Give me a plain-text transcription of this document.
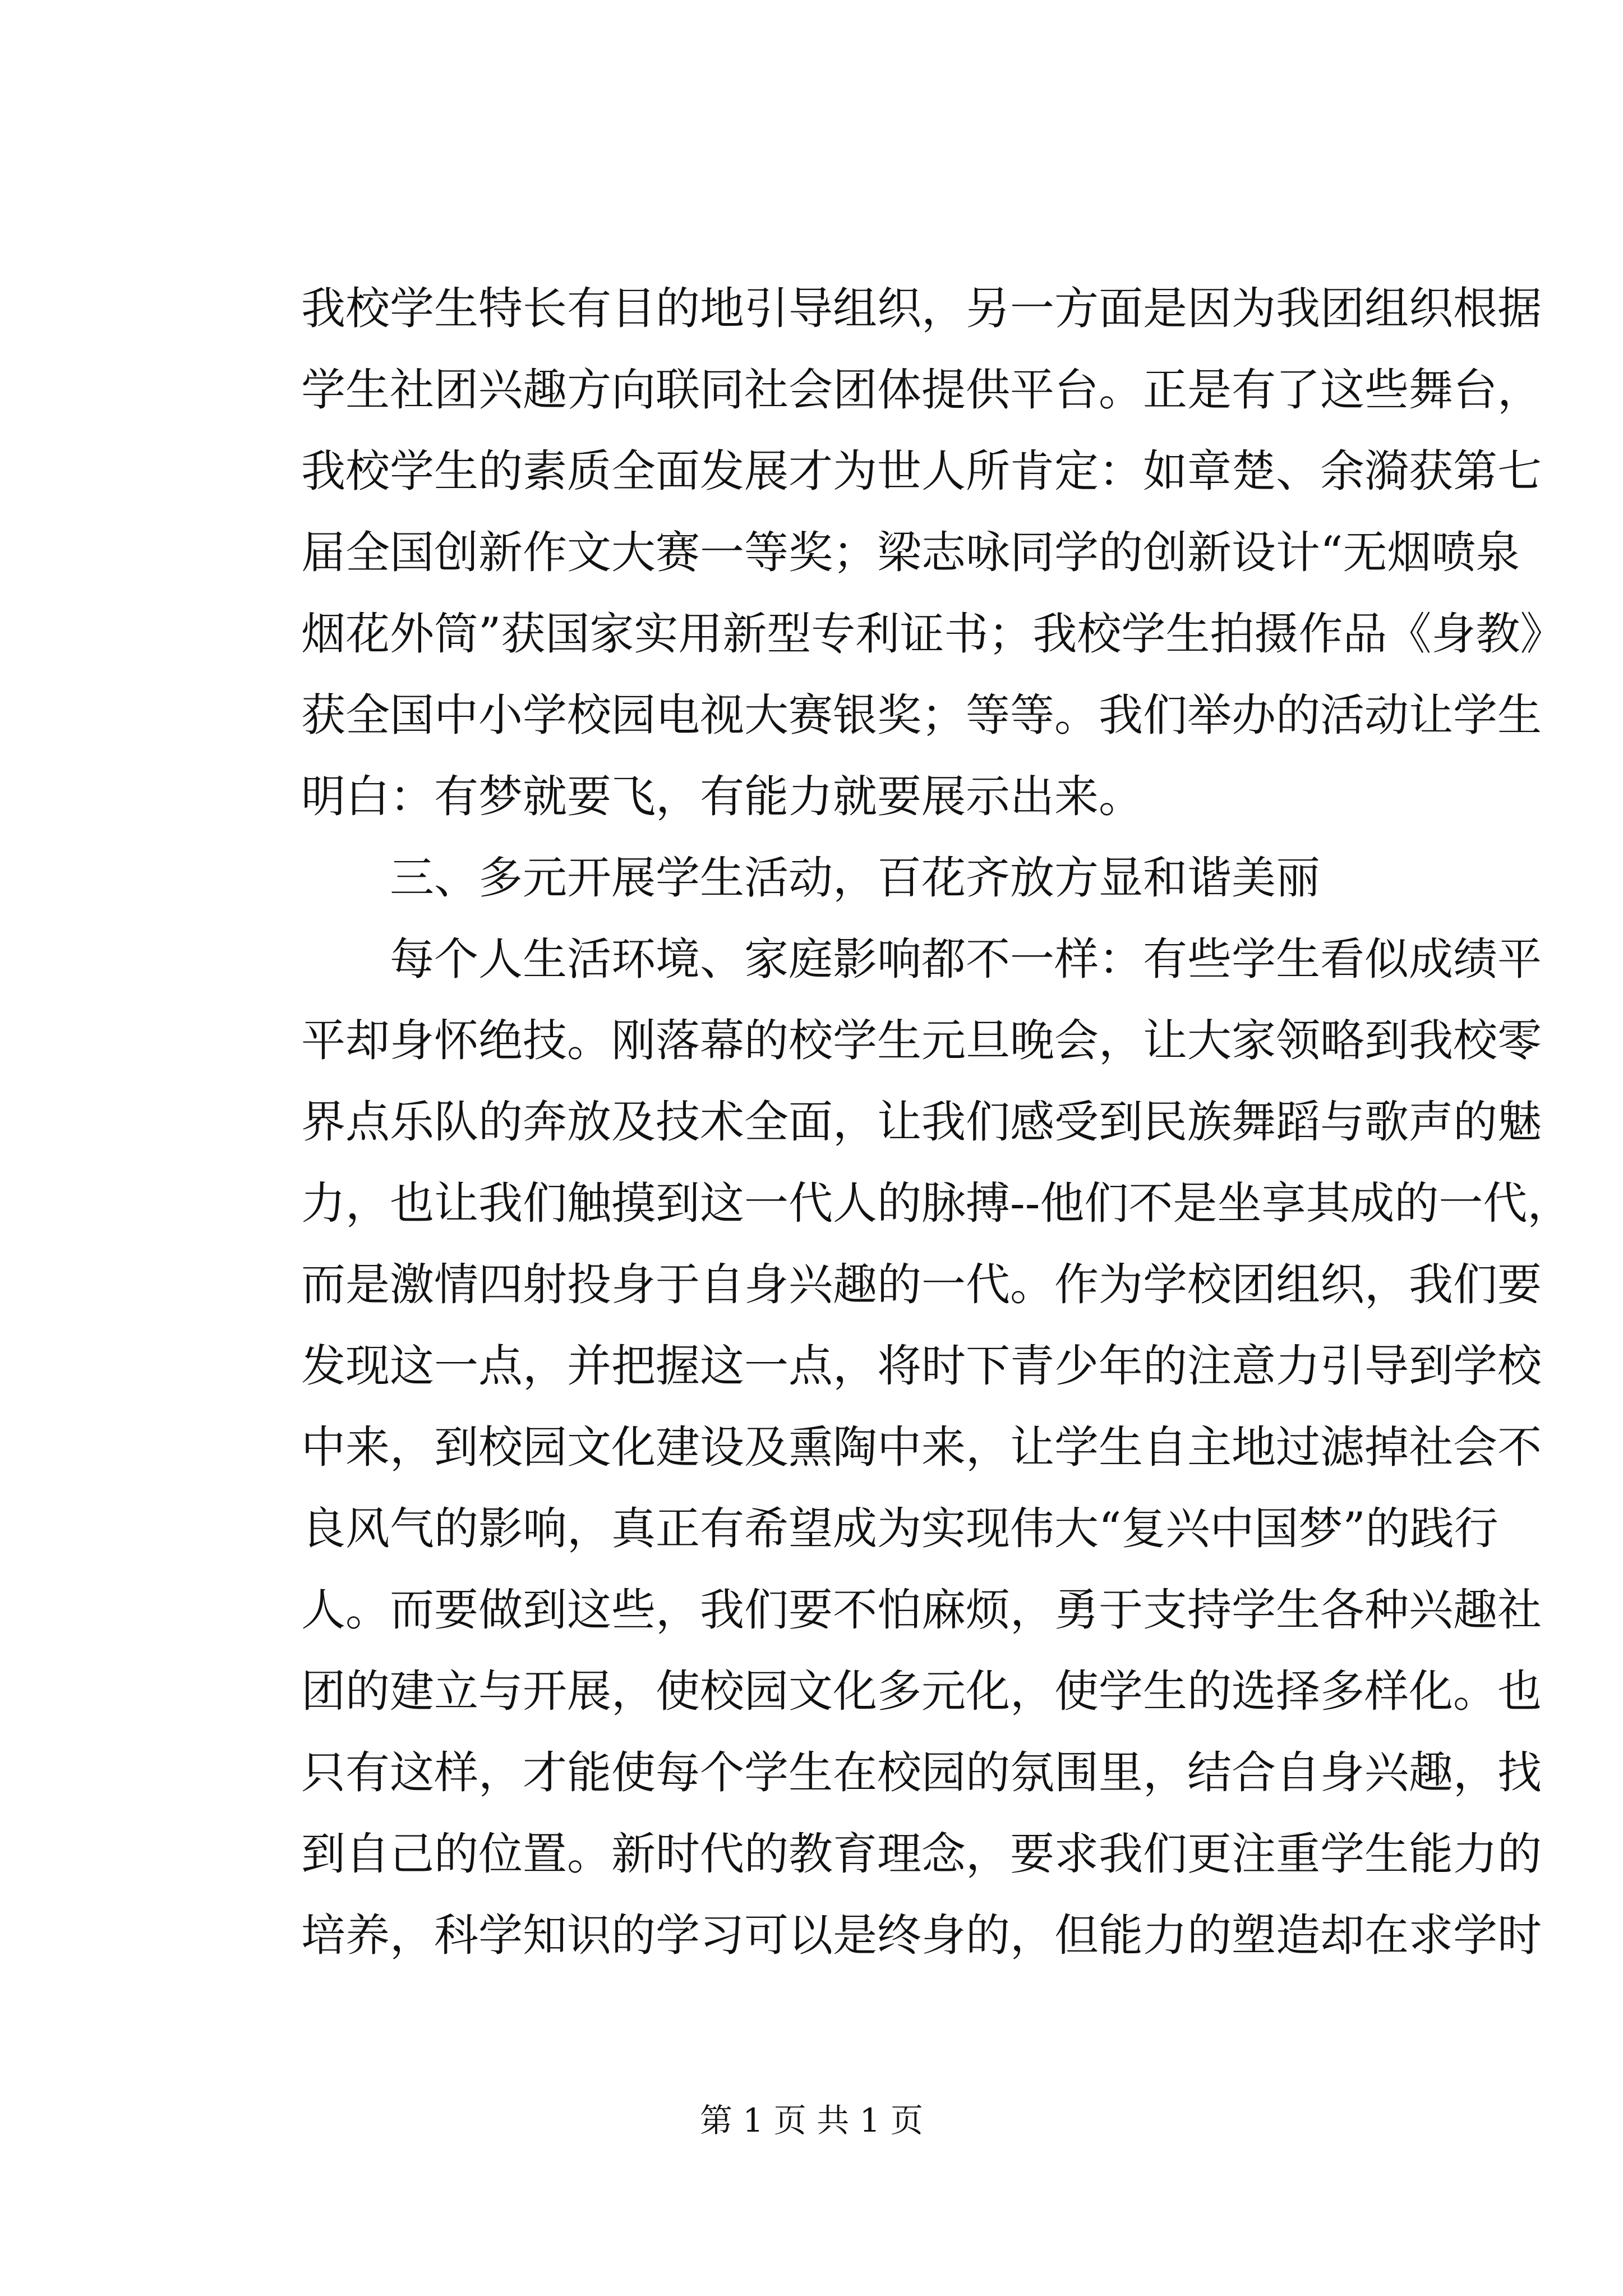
我校学生特长有目的地引导组织，另一方面是因为我团组织根据
学生社团兴趣方向联同社会团体提供平台。正是有了这些舞台，
我校学生的素质全面发展才为世人所肯定：如章楚、余漪获第七
届全国创新作文大赛一等奖；梁志咏同学的创新设计“无烟喷泉
烟花外筒”获国家实用新型专利证书；我校学生拍摄作品《身教》
获全国中小学校园电视大赛银奖；等等。我们举办的活动让学生
明白：有梦就要飞，有能力就要展示出来。
三、多元开展学生活动，百花齐放方显和谐美丽
每个人生活环境、家庭影响都不一样：有些学生看似成绩平
平却身怀绝技。刚落幕的校学生元旦晚会，让大家领略到我校零
界点乐队的奔放及技术全面，让我们感受到民族舞蹈与歌声的魅
力，也让我们触摸到这一代人的脉搏--他们不是坐享其成的一代，
而是激情四射投身于自身兴趣的一代。作为学校团组织，我们要
发现这一点，并把握这一点，将时下青少年的注意力引导到学校
中来，到校园文化建设及熏陶中来，让学生自主地过滤掉社会不
良风气的影响，真正有希望成为实现伟大“复兴中国梦”的践行
人。而要做到这些，我们要不怕麻烦，勇于支持学生各种兴趣社
团的建立与开展，使校园文化多元化，使学生的选择多样化。也
只有这样，才能使每个学生在校园的氛围里，结合自身兴趣，找
到自己的位置。新时代的教育理念，要求我们更注重学生能力的
培养，科学知识的学习可以是终身的，但能力的塑造却在求学时
第 1 页 共 1 页
